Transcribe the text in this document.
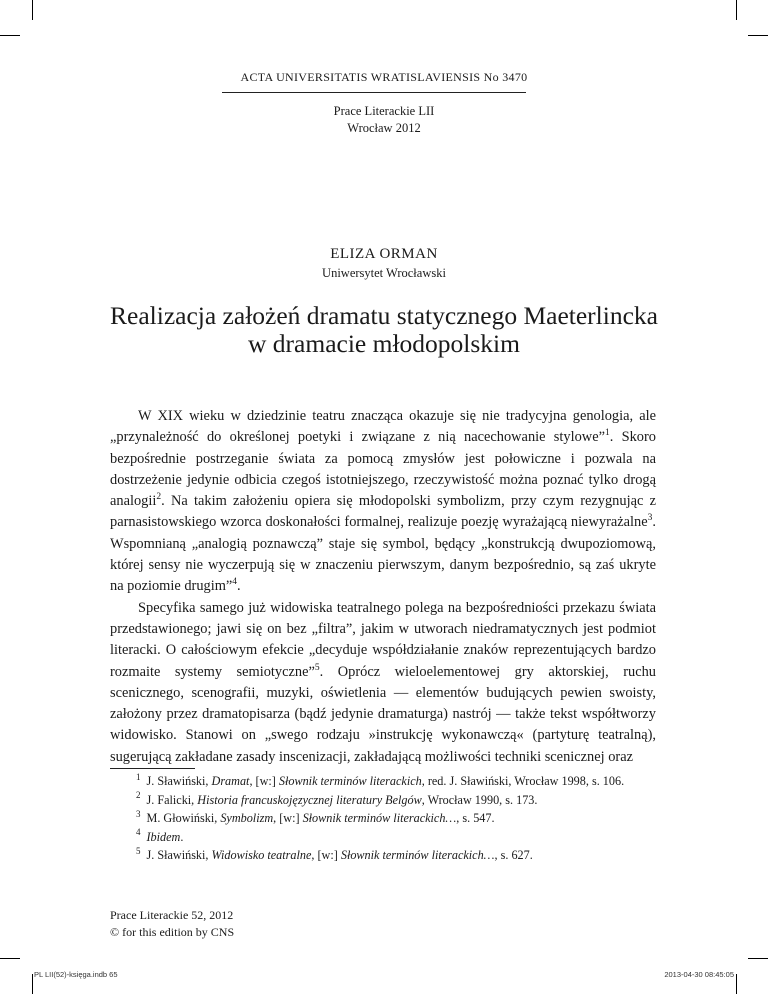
ACTA UNIVERSITATIS WRATISLAVIENSIS No 3470
Prace Literackie LII
Wrocław 2012
ELIZA ORMAN
Uniwersytet Wrocławski
Realizacja założeń dramatu statycznego Maeterlincka
w dramacie młodopolskim

W XIX wieku w dziedzinie teatru znacząca okazuje się nie tradycyjna genologia, ale „przynależność do określonej poetyki i związane z nią nacechowanie stylowe”$^1$. Skoro bezpośrednie postrzeganie świata za pomocą zmysłów jest połowiczne i pozwala na dostrzeżenie jedynie odbicia czegoś istotniejszego, rzeczywistość można poznać tylko drogą analogii$^2$. Na takim założeniu opiera się młodopolski symbolizm, przy czym rezygnując z parnasistowskiego wzorca doskonałości formalnej, realizuje poezję wyrażającą niewyrażalne$^3$. Wspomnianą „analogią poznawczą” staje się symbol, będący „konstrukcją dwupoziomową, której sensy nie wyczerpują się w znaczeniu pierwszym, danym bezpośrednio, są zaś ukryte na poziomie drugim”$^4$.

Specyfika samego już widowiska teatralnego polega na bezpośredniości przekazu świata przedstawionego; jawi się on bez „filtra”, jakim w utworach niedramatycznych jest podmiot literacki. O całościowym efekcie „decyduje współdziałanie znaków reprezentujących bardzo rozmaite systemy semiotyczne”$^5$. Oprócz wieloelementowej gry aktorskiej, ruchu scenicznego, scenografii, muzyki, oświetlenia — elementów budujących pewien swoisty, założony przez dramatopisarza (bądź jedynie dramaturga) nastrój — także tekst współtworzy widowisko. Stanowi on „swego rodzaju »instrukcję wykonawczą« (partyturę teatralną), sugerującą zakładane zasady inscenizacji, zakładającą możliwości techniki scenicznej oraz

$^1$ J. Sławiński, Dramat, [w:] Słownik terminów literackich, red. J. Sławiński, Wrocław 1998, s. 106.
$^2$ J. Falicki, Historia francuskojęzycznej literatury Belgów, Wrocław 1990, s. 173.
$^3$ M. Głowiński, Symbolizm, [w:] Słownik terminów literackich…, s. 547.
$^4$ Ibidem.
$^5$ J. Sławiński, Widowisko teatralne, [w:] Słownik terminów literackich…, s. 627.
Prace Literackie 52, 2012
© for this edition by CNS
PL LII(52)-księga.indb 65	2013-04-30 08:45:05
